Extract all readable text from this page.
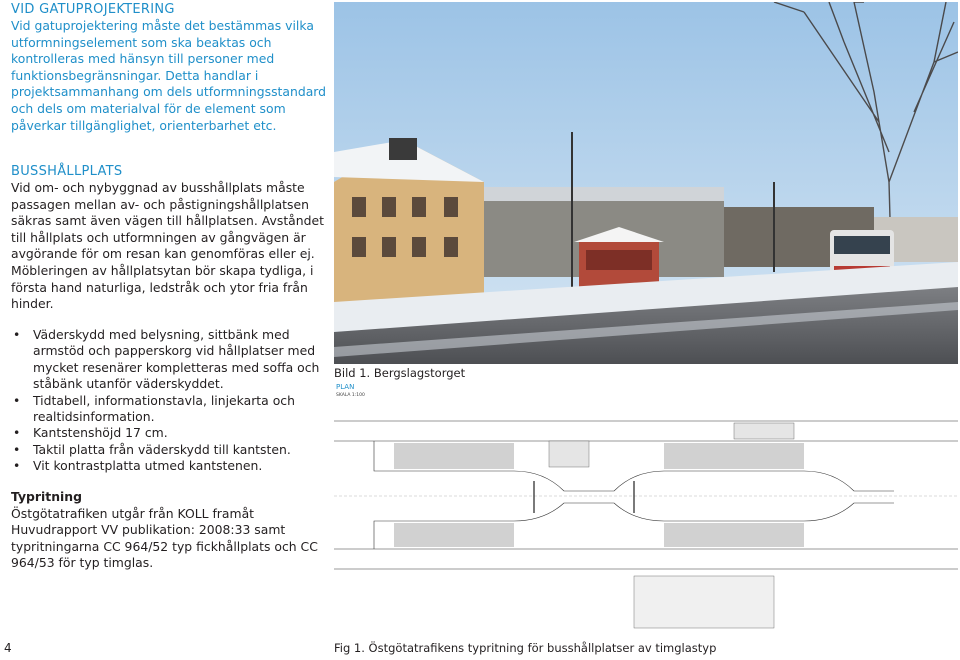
VID GATUPROJEKTERING

Vid gatuprojektering måste det bestämmas vilka utformningselement som ska beaktas och kontrolleras med hänsyn till personer med funktionsbegränsningar. Detta handlar i projektsammanhang om dels utformningsstandard och dels om materialval för de element som påverkar tillgänglighet, orienterbarhet etc.

BUSSHÅLLPLATS

Vid om- och nybyggnad av busshållplats måste passagen mellan av- och påstigningshållplatsen säkras samt även vägen till hållplatsen. Avståndet till hållplats och utformningen av gångvägen är avgörande för om resan kan genomföras eller ej. Möbleringen av hållplatsytan bör skapa tydliga, i första hand naturliga, ledstråk och ytor fria från hinder.

• Väderskydd med belysning, sittbänk med armstöd och papperskorg vid hållplatser med mycket resenärer kompletteras med soffa och ståbänk utanför väderskyddet.
• Tidtabell, informationstavla, linjekarta och realtidsinformation.
• Kantstenshöjd 17 cm.
• Taktil platta från väderskydd till kantsten.
• Vit kontrastplatta utmed kantstenen.
Typritning

Östgötatrafiken utgår från KOLL framåt Huvudrapport VV publikation: 2008:33 samt typritningarna CC 964/52 typ fickhållplats och CC 964/53 för typ timglas.

4
Bild 1. Bergslagstorget
PLAN
SKALA 1:100
Fig 1. Östgötatrafikens typritning för busshållplatser av timglastyp
